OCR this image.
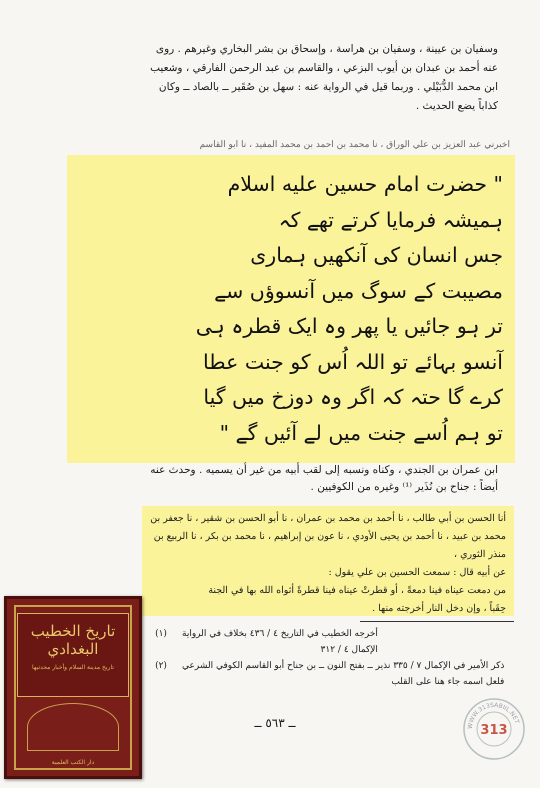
وسفيان بن عيينة ، وسفيان بن هراسة ، وإسحاق بن بشر البخاري وغيرهم . روى

عنه أحمد بن عبدان بن أيوب البزعي ، والقاسم بن عبد الرحمن الفارقي ، وشعيب

ابن محمد الدُّبَيْلي . وربما قيل في الرواية عنه : سهل بن صُقَير ــ بالصاد ــ وكان

كذاباً يضع الحديث .

أخبرني عبد العزيز بن علي الوراق ، نا محمد بن أحمد بن محمد المفيد ، نا أبو القاسم
" حضرت امام حسین علیه اسلام
ہمیشہ فرمایا کرتے تھے کہ
جس انسان کی آنکھیں ہماری
مصیبت کے سوگ میں آنسوؤں سے
تر ہو جائیں یا پھر وہ ایک قطرہ ہی
آنسو بہائے تو اللہ اُس کو جنت عطا
کرے گا حتہ کہ اگر وہ دوزخ میں گیا
تو ہم اُسے جنت میں لے آئیں گے "

ابن عمران بن الجندي ، وكناه ونسبه إلى لقب أبيه من غير أن يسميه . وحدث عنه

أيضاً : جناح بن نُذَير ⁽¹⁾ وغيره من الكوفيين .

أنا الحسن بن أبي طالب ، نا أحمد بن محمد بن عمران ، نا أبو الحسن بن شقير ، نا جعفر بن

محمد بن عبيد ، نا أحمد بن يحيى الأودي ، نا عون بن إبراهيم ، نا محمد بن بكر ، نا الربيع بن منذر الثوري ،

عن أبيه قال : سمعت الحسين بن علي يقول :

من دمعت عيناه فينا دمعةً ، أو قطرتْ عيناه فينا قطرةً أثواه الله بها في الجنة

حِقَباً ، وإن دخل النار أخرجته منها .

(١)	أخرجه الخطيب في التاريخ ٤ / ٤٣٦ بخلاف في الرواية

الإكمال ٤ / ٣١٢

(٢)	ذكر الأمير في الإكمال ٧ / ٣٣٥ نذير ــ بفتح النون ــ بن جناح أبو القاسم الكوفي الشرعي

فلعل اسمه جاء هنا على القلب

ــ ٥٦٣ ــ
تاريخ الخطيب البغدادي
تاريخ مدينة السلام وأخبار محدثيها
دار الكتب العلمية
WWW.313SABIIL.NET
313
